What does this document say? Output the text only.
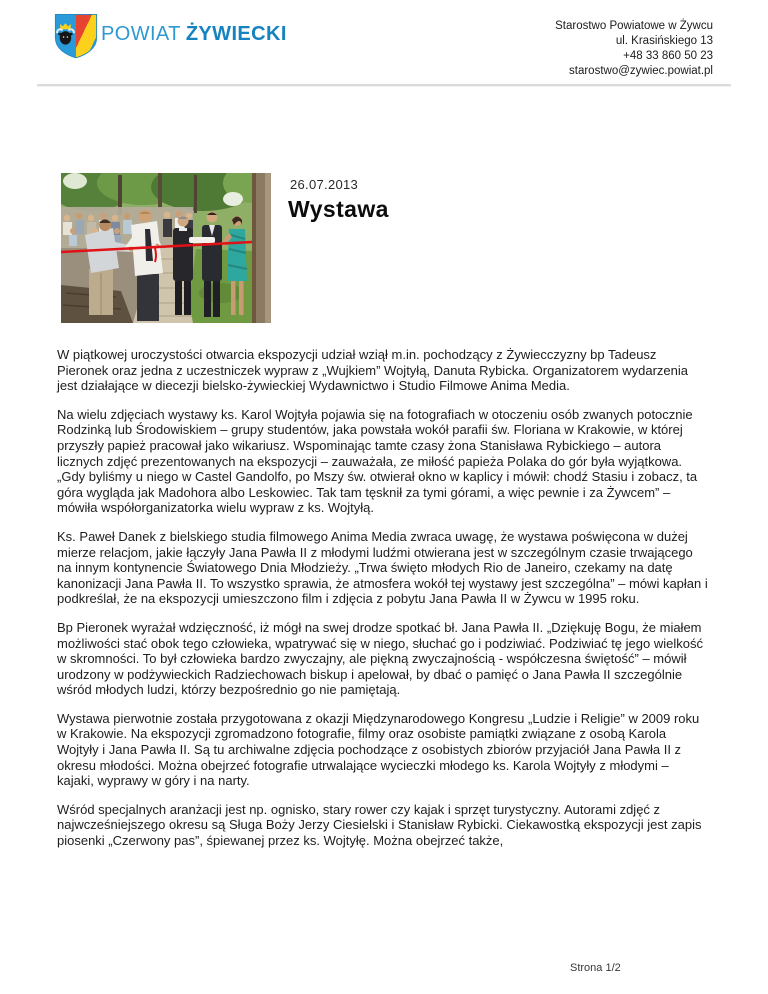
POWIAT ŻYWIECKI	Starostwo Powiatowe w Żywcu
ul. Krasińskiego 13
+48 33 860 50 23
starostwo@zywiec.powiat.pl
26.07.2013
Wystawa

W piątkowej uroczystości otwarcia ekspozycji udział wziął m.in. pochodzący z Żywiecczyzny bp Tadeusz Pieronek oraz jedna z uczestniczek wypraw z „Wujkiem” Wojtyłą, Danuta Rybicka. Organizatorem wydarzenia jest działające w diecezji bielsko-żywieckiej Wydawnictwo i Studio Filmowe Anima Media.

Na wielu zdjęciach wystawy ks. Karol Wojtyła pojawia się na fotografiach w otoczeniu osób zwanych potocznie Rodzinką lub Środowiskiem – grupy studentów, jaka powstała wokół parafii św. Floriana w Krakowie, w której przyszły papież pracował jako wikariusz. Wspominając tamte czasy żona Stanisława Rybickiego – autora licznych zdjęć prezentowanych na ekspozycji – zauważała, ze miłość papieża Polaka do gór była wyjątkowa. „Gdy byliśmy u niego w Castel Gandolfo, po Mszy św. otwierał okno w kaplicy i mówił: chodź Stasiu i zobacz, ta góra wygląda jak Madohora albo Leskowiec. Tak tam tęsknił za tymi górami, a więc pewnie i za Żywcem” – mówiła współorganizatorka wielu wypraw z ks. Wojtyłą.

Ks. Paweł Danek z bielskiego studia filmowego Anima Media zwraca uwagę, że wystawa poświęcona w dużej mierze relacjom, jakie łączyły Jana Pawła II z młodymi ludźmi otwierana jest w szczególnym czasie trwającego na innym kontynencie Światowego Dnia Młodzieży. „Trwa święto młodych Rio de Janeiro, czekamy na datę kanonizacji Jana Pawła II. To wszystko sprawia, że atmosfera wokół tej wystawy jest szczególna” – mówi kapłan i podkreślał, że na ekspozycji umieszczono film i zdjęcia z pobytu Jana Pawła II w Żywcu w 1995 roku.

Bp Pieronek wyrażał wdzięczność, iż mógł na swej drodze spotkać bł. Jana Pawła II. „Dziękuję Bogu, że miałem możliwości stać obok tego człowieka, wpatrywać się w niego, słuchać go i podziwiać. Podziwiać tę jego wielkość w skromności. To był człowieka bardzo zwyczajny, ale piękną zwyczajnością - współczesna świętość” – mówił urodzony w podżywieckich Radziechowach biskup i apelował, by dbać o pamięć o Jana Pawła II szczególnie wśród młodych ludzi, którzy bezpośrednio go nie pamiętają.

Wystawa pierwotnie została przygotowana z okazji Międzynarodowego Kongresu „Ludzie i Religie” w 2009 roku w Krakowie. Na ekspozycji zgromadzono fotografie, filmy oraz osobiste pamiątki związane z osobą Karola Wojtyły i Jana Pawła II. Są tu archiwalne zdjęcia pochodzące z osobistych zbiorów przyjaciół Jana Pawła II z okresu młodości. Można obejrzeć fotografie utrwalające wycieczki młodego ks. Karola Wojtyły z młodymi – kajaki, wyprawy w góry i na narty.

Wśród specjalnych aranżacji jest np. ognisko, stary rower czy kajak i sprzęt turystyczny. Autorami zdjęć z najwcześniejszego okresu są Sługa Boży Jerzy Ciesielski i Stanisław Rybicki. Ciekawostką ekspozycji jest zapis piosenki „Czerwony pas”, śpiewanej przez ks. Wojtyłę. Można obejrzeć także,

Strona 1/2
